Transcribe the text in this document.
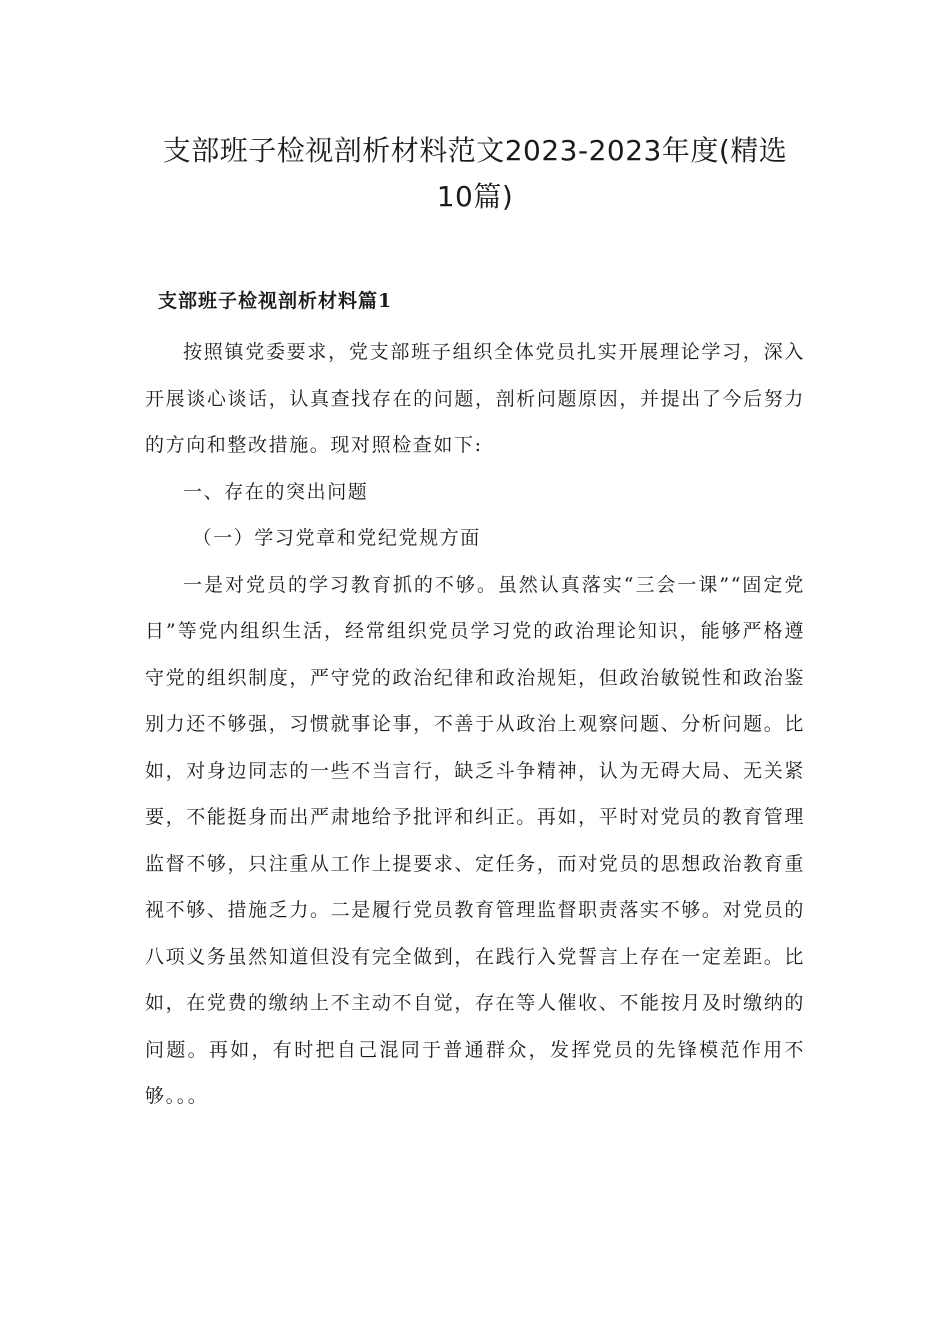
支部班子检视剖析材料范文2023-2023年度(精选10篇)
支部班子检视剖析材料篇1

按照镇党委要求，党支部班子组织全体党员扎实开展理论学习，深入开展谈心谈话，认真查找存在的问题，剖析问题原因，并提出了今后努力的方向和整改措施。现对照检查如下:

一、存在的突出问题

（一）学习党章和党纪党规方面

一是对党员的学习教育抓的不够。虽然认真落实“三会一课”“固定党日”等党内组织生活，经常组织党员学习党的政治理论知识，能够严格遵守党的组织制度，严守党的政治纪律和政治规矩，但政治敏锐性和政治鉴别力还不够强，习惯就事论事，不善于从政治上观察问题、分析问题。比如，对身边同志的一些不当言行，缺乏斗争精神，认为无碍大局、无关紧要，不能挺身而出严肃地给予批评和纠正。再如，平时对党员的教育管理监督不够，只注重从工作上提要求、定任务，而对党员的思想政治教育重视不够、措施乏力。二是履行党员教育管理监督职责落实不够。对党员的八项义务虽然知道但没有完全做到，在践行入党誓言上存在一定差距。比如，在党费的缴纳上不主动不自觉，存在等人催收、不能按月及时缴纳的问题。再如，有时把自己混同于普通群众，发挥党员的先锋模范作用不够。。。
